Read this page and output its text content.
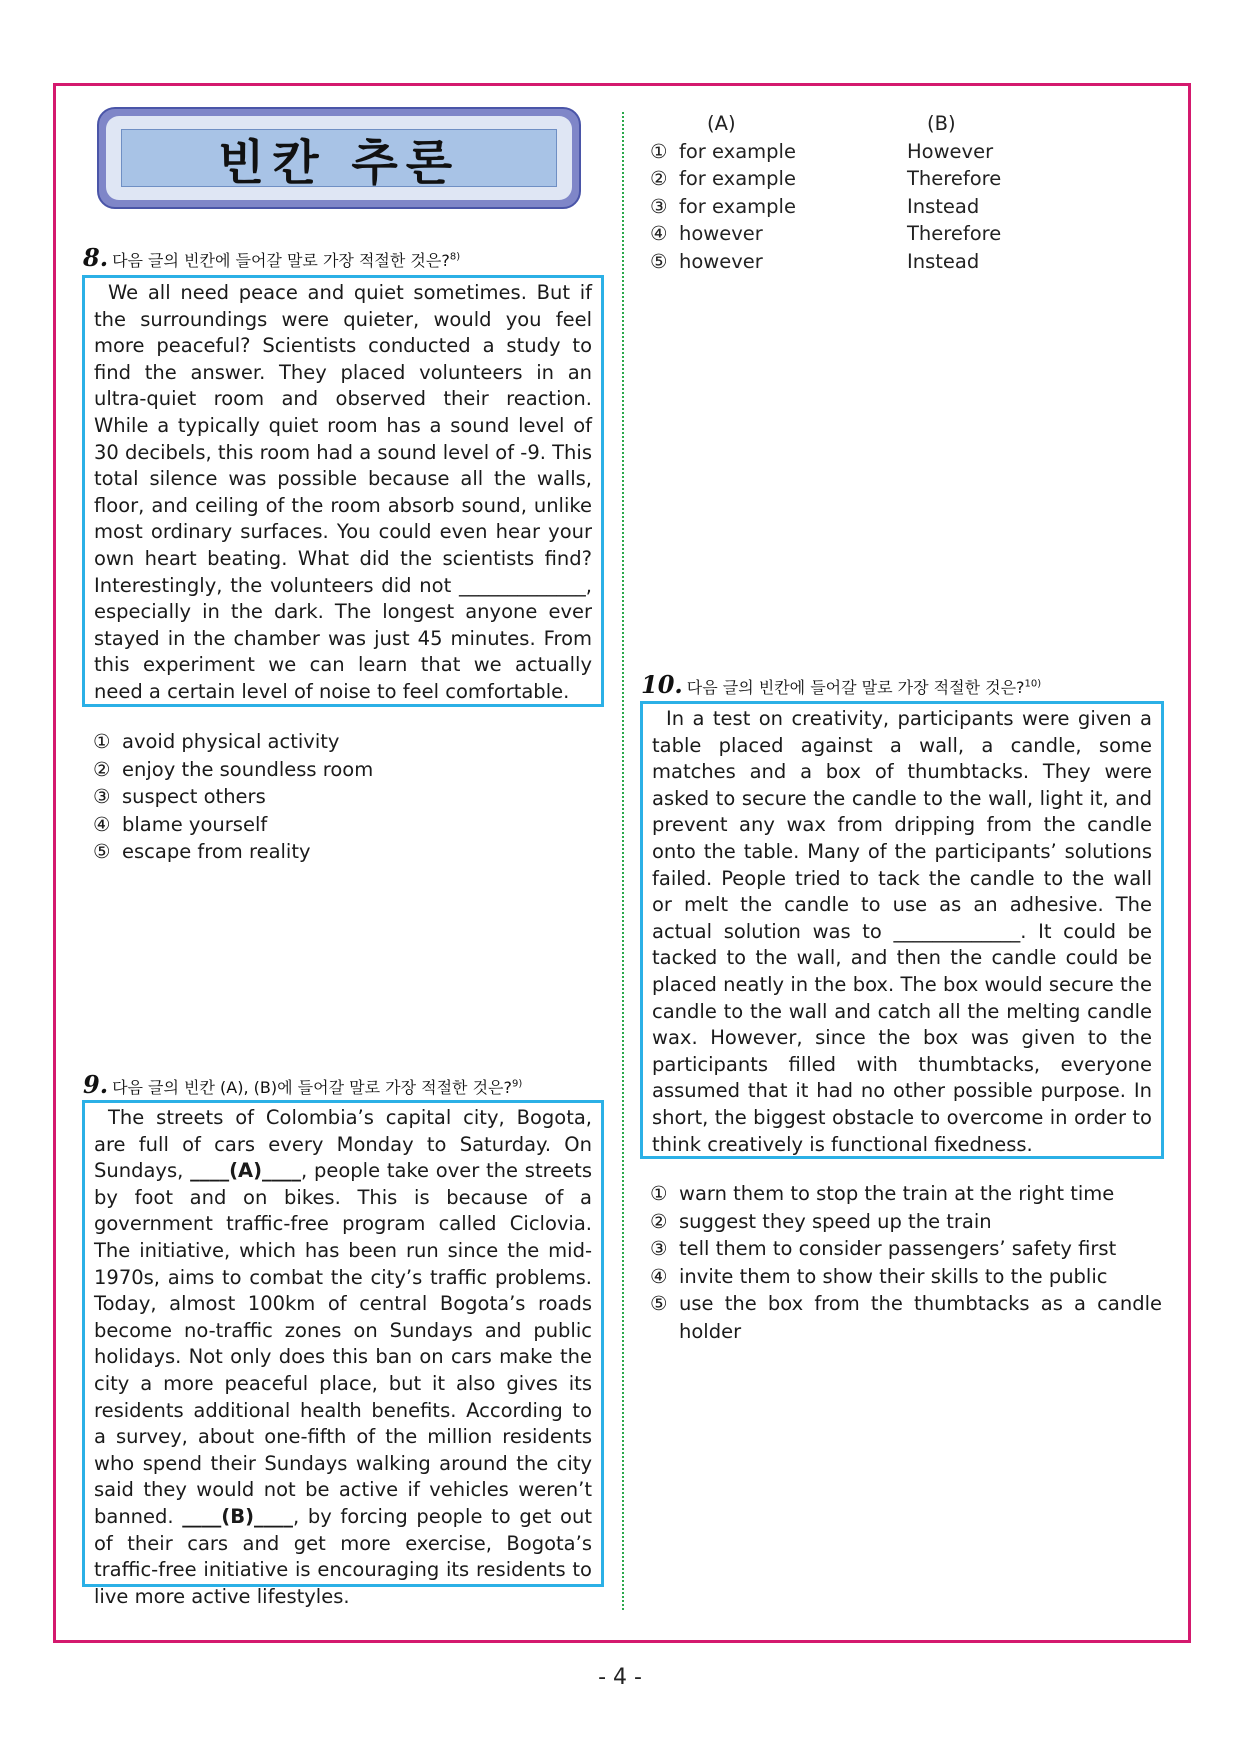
빈칸 추론
8. 다음 글의 빈칸에 들어갈 말로 가장 적절한 것은?$^{8)}$

We all need peace and quiet sometimes. But if the surroundings were quieter, would you feel more peaceful? Scientists conducted a study to find the answer. They placed volunteers in an ultra-quiet room and observed their reaction. While a typically quiet room has a sound level of 30 decibels, this room had a sound level of -9. This total silence was possible because all the walls, floor, and ceiling of the room absorb sound, unlike most ordinary surfaces. You could even hear your own heart beating. What did the scientists find? Interestingly, the volunteers did not _____________, especially in the dark. The longest anyone ever stayed in the chamber was just 45 minutes. From this experiment we can learn that we actually need a certain level of noise to feel comfortable.

① avoid physical activity
② enjoy the soundless room
③ suspect others
④ blame yourself
⑤ escape from reality
9. 다음 글의 빈칸 (A), (B)에 들어갈 말로 가장 적절한 것은?$^{9)}$

The streets of Colombia’s capital city, Bogota, are full of cars every Monday to Saturday. On Sundays, ____(A)____, people take over the streets by foot and on bikes. This is because of a government traffic-free program called Ciclovia. The initiative, which has been run since the mid-1970s, aims to combat the city’s traffic problems. Today, almost 100km of central Bogota’s roads become no-traffic zones on Sundays and public holidays. Not only does this ban on cars make the city a more peaceful place, but it also gives its residents additional health benefits. According to a survey, about one-fifth of the million residents who spend their Sundays walking around the city said they would not be active if vehicles weren’t banned. ____(B)____, by forcing people to get out of their cars and get more exercise, Bogota’s traffic-free initiative is encouraging its residents to live more active lifestyles.

(A)	(B)
① for example	However
② for example	Therefore
③ for example	Instead
④ however	Therefore
⑤ however	Instead
10. 다음 글의 빈칸에 들어갈 말로 가장 적절한 것은?$^{10)}$

In a test on creativity, participants were given a table placed against a wall, a candle, some matches and a box of thumbtacks. They were asked to secure the candle to the wall, light it, and prevent any wax from dripping from the candle onto the table. Many of the participants’ solutions failed. People tried to tack the candle to the wall or melt the candle to use as an adhesive. The actual solution was to _____________. It could be tacked to the wall, and then the candle could be placed neatly in the box. The box would secure the candle to the wall and catch all the melting candle wax. However, since the box was given to the participants filled with thumbtacks, everyone assumed that it had no other possible purpose. In short, the biggest obstacle to overcome in order to think creatively is functional fixedness.

① warn them to stop the train at the right time
② suggest they speed up the train
③ tell them to consider passengers’ safety first
④ invite them to show their skills to the public
⑤ use the box from the thumbtacks as a candle holder
- 4 -
